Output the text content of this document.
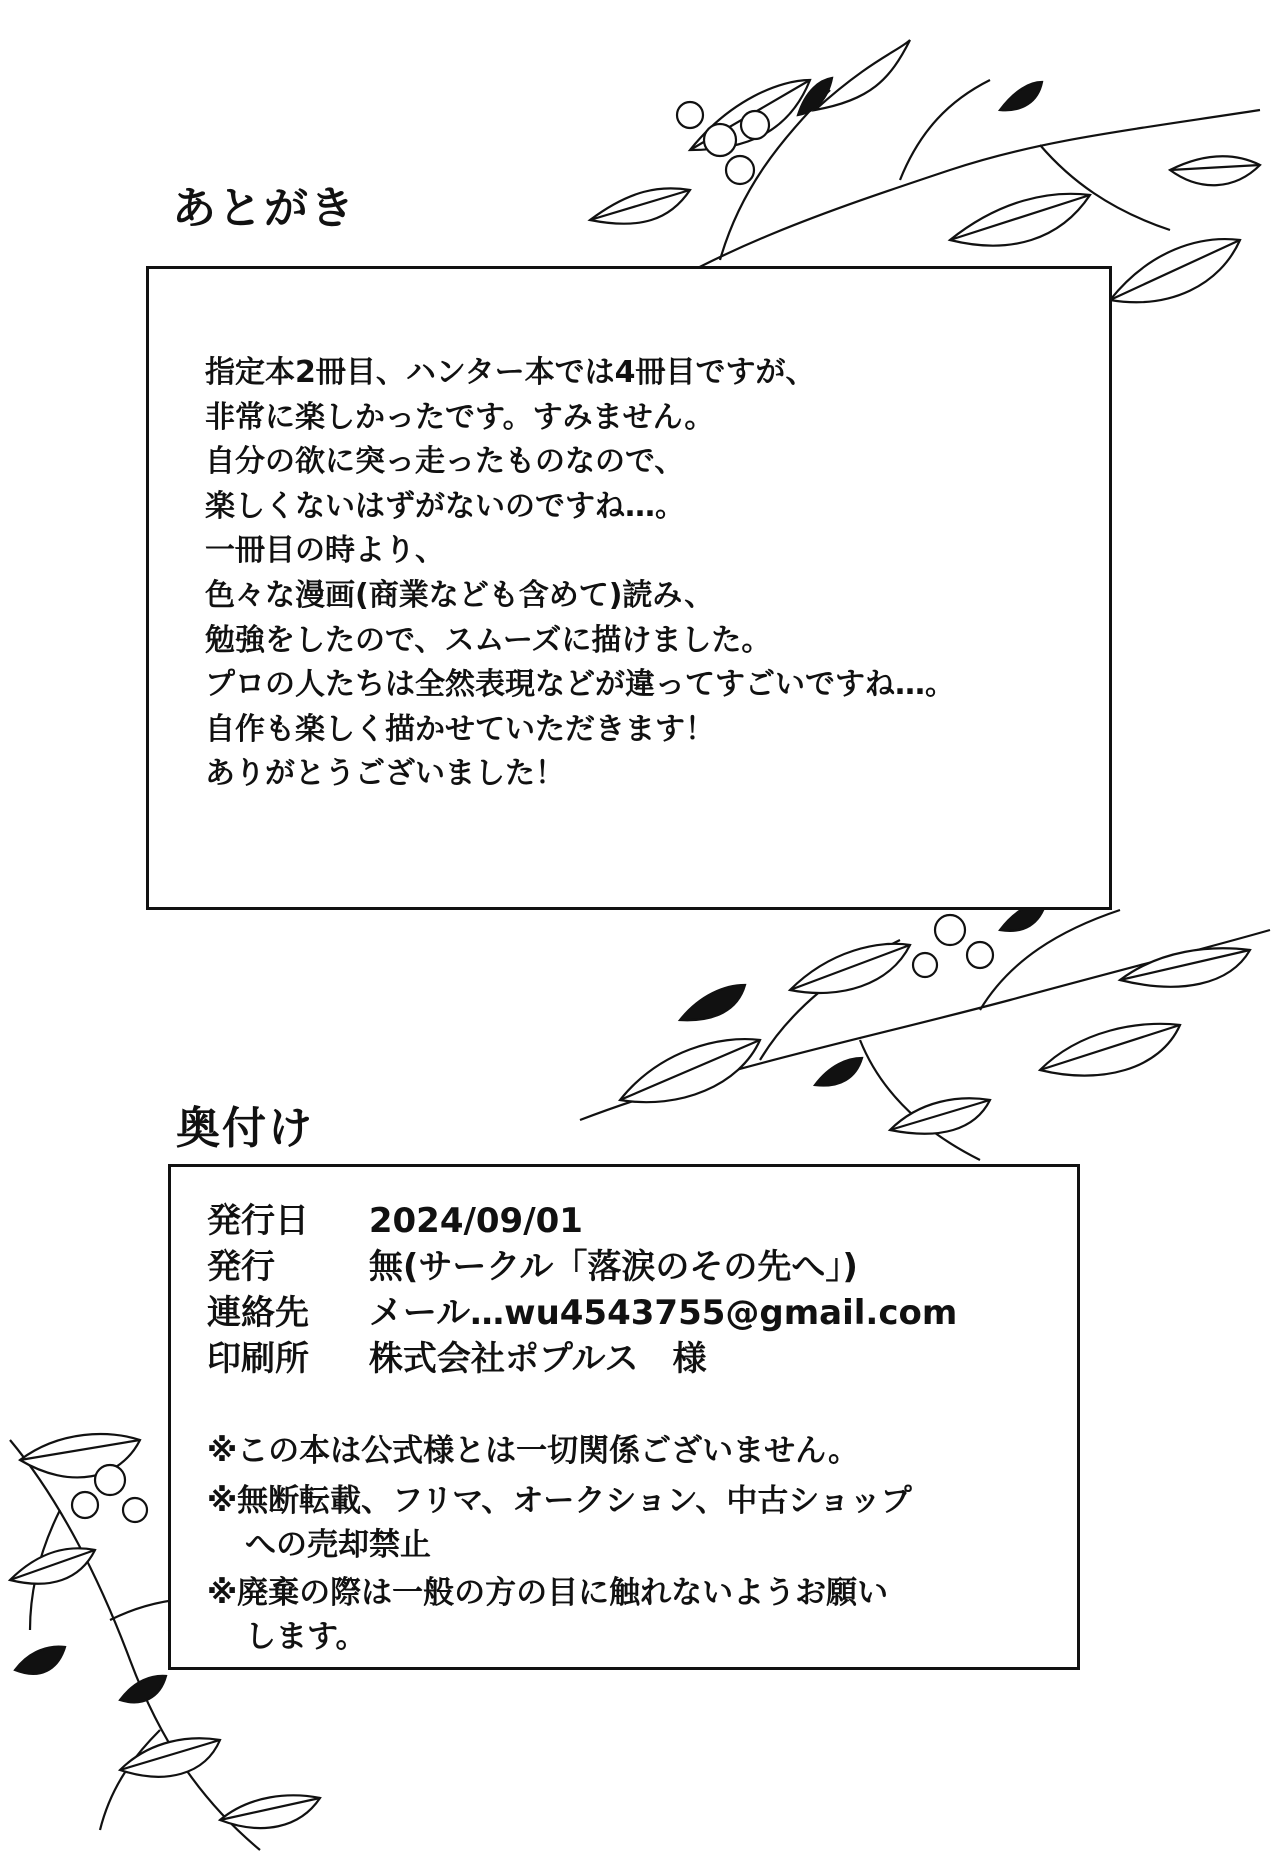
あとがき
指定本2冊目、ハンター本では4冊目ですが、
非常に楽しかったです。すみません。
自分の欲に突っ走ったものなので、
楽しくないはずがないのですね…。
一冊目の時より、
色々な漫画(商業なども含めて)読み、
勉強をしたので、スムーズに描けました。
プロの人たちは全然表現などが違ってすごいですね…。
自作も楽しく描かせていただきます！
ありがとうございました！
奥付け
発行日 2024/09/01
発行	無(サークル「落涙のその先へ」)
連絡先 メール…wu4543755@gmail.com
印刷所 株式会社ポプルス　様
※この本は公式様とは一切関係ございません。
※無断転載、フリマ、オークション、中古ショップ
への売却禁止
※廃棄の際は一般の方の目に触れないようお願い
します。
